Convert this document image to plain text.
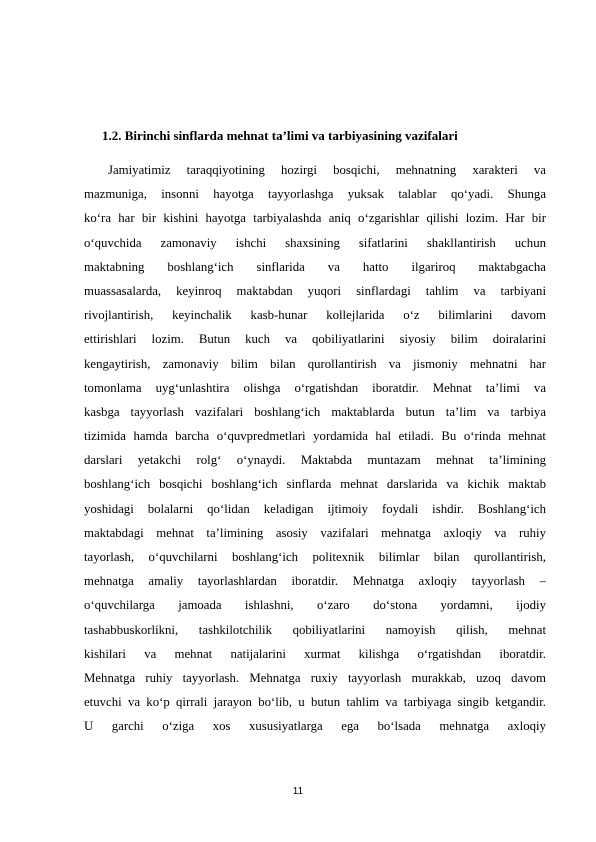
1.2. Birinchi sinflarda mehnat ta’limi va tarbiyasining vazifalari
Jamiyatimiz taraqqiyotining hozirgi bosqichi, mehnatning xarakteri va
mazmuniga, insonni hayotga tayyorlashga yuksak talablar qo‘yadi. Shunga
ko‘ra har bir kishini hayotga tarbiyalashda aniq o‘zgarishlar qilishi lozim. Har bir
o‘quvchida zamonaviy ishchi shaxsining sifatlarini shakllantirish uchun
maktabning boshlang‘ich sinflarida va hatto ilgariroq maktabgacha
muassasalarda, keyinroq maktabdan yuqori sinflardagi tahlim va tarbiyani
rivojlantirish, keyinchalik kasb-hunar kollejlarida o‘z bilimlarini davom
ettirishlari lozim. Butun kuch va qobiliyatlarini siyosiy bilim doiralarini
kengaytirish, zamonaviy bilim bilan qurollantirish va jismoniy mehnatni har
tomonlama uyg‘unlashtira olishga o‘rgatishdan iboratdir. Mehnat ta’limi va
kasbga tayyorlash vazifalari boshlang‘ich maktablarda butun ta’lim va tarbiya
tizimida hamda barcha o‘quvpredmetlari yordamida hal etiladi. Bu o‘rinda mehnat
darslari yetakchi rolg‘ o‘ynaydi. Maktabda muntazam mehnat ta’limining
boshlang‘ich bosqichi boshlang‘ich sinflarda mehnat darslarida va kichik maktab
yoshidagi bolalarni qo‘lidan keladigan ijtimoiy foydali ishdir. Boshlang‘ich
maktabdagi mehnat ta’limining asosiy vazifalari mehnatga axloqiy va ruhiy
tayorlash, o‘quvchilarni boshlang‘ich politexnik bilimlar bilan qurollantirish,
mehnatga amaliy tayorlashlardan iboratdir. Mehnatga axloqiy tayyorlash –
o‘quvchilarga jamoada ishlashni, o‘zaro do‘stona yordamni, ijodiy
tashabbuskorlikni, tashkilotchilik qobiliyatlarini namoyish qilish, mehnat
kishilari va mehnat natijalarini xurmat kilishga o‘rgatishdan iboratdir.
Mehnatga ruhiy tayyorlash. Mehnatga ruxiy tayyorlash murakkab, uzoq davom
etuvchi va ko‘p qirrali jarayon bo‘lib, u butun tahlim va tarbiyaga singib ketgandir.
U garchi o‘ziga xos xususiyatlarga ega bo‘lsada mehnatga axloqiy
11
